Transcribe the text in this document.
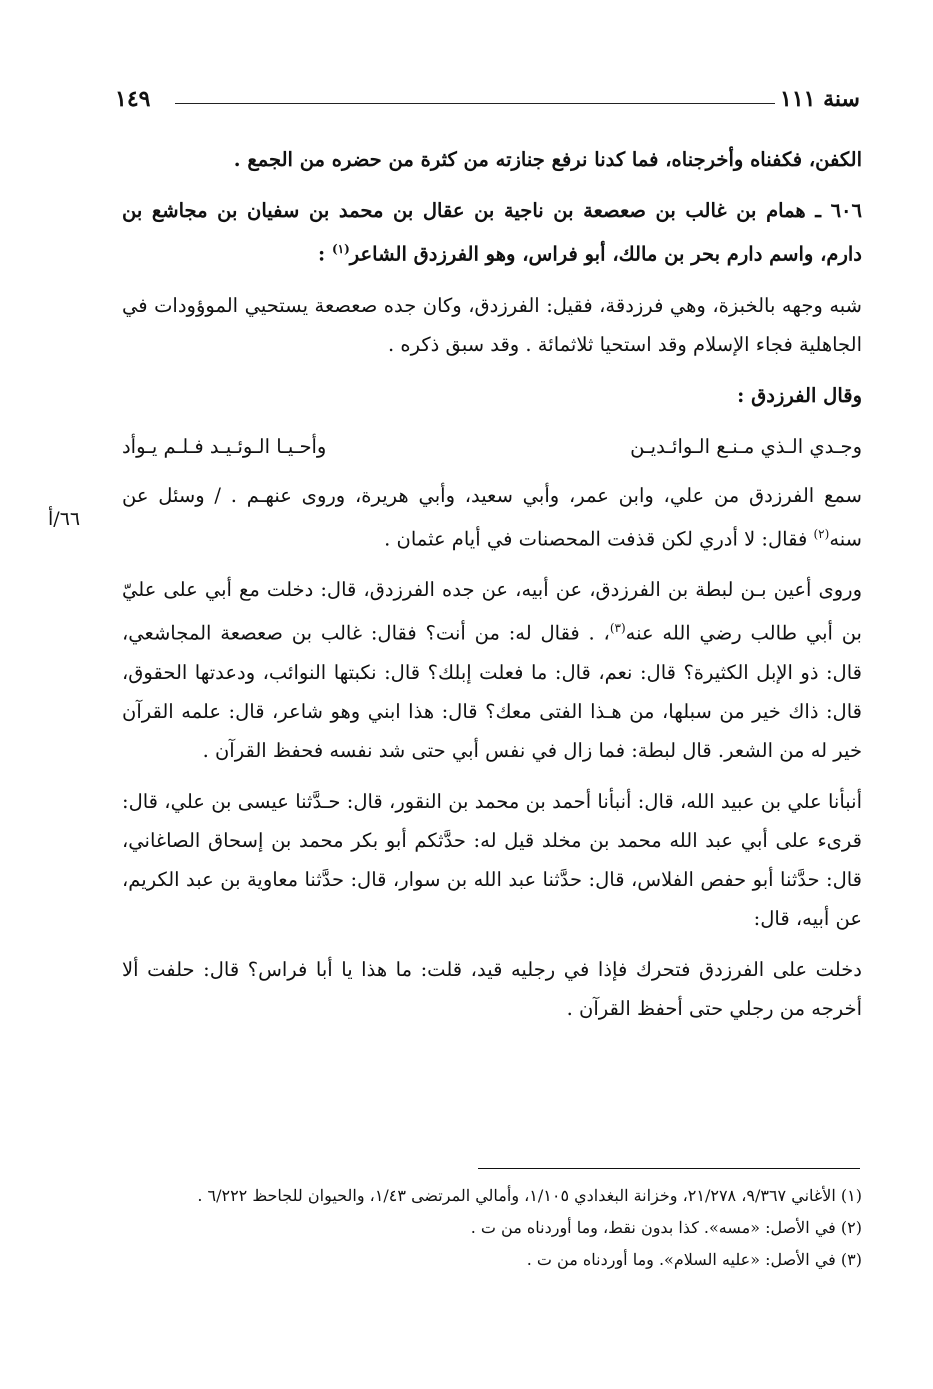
سنة ١١١
١٤٩
٦٦/أ

الكفن، فكفناه وأخرجناه، فما كدنا نرفع جنازته من كثرة من حضره من الجمع .

٦٠٦ ـ همام بن غالب بن صعصعة بن ناجية بن عقال بن محمد بن سفيان بن مجاشع بن دارم، واسم دارم بحر بن مالك، أبو فراس، وهو الفرزدق الشاعر$^{(١)}$ :

شبه وجهه بالخبزة، وهي فرزدقة، فقيل: الفرزدق، وكان جده صعصعة يستحيي الموؤودات في الجاهلية فجاء الإسلام وقد استحيا ثلاثمائة . وقد سبق ذكره .

وقال الفرزدق :

وجـدي الـذي مـنـع الـوائـديـن
وأحـيـا الـوئـيـد فـلـم يـوأد

سمع الفرزدق من علي، وابن عمر، وأبي سعيد، وأبي هريرة، وروى عنهـم . / وسئل عن سنه$^{(٢)}$ فقال: لا أدري لكن قذفت المحصنات في أيام عثمان .

وروى أعين بـن لبطة بن الفرزدق، عن أبيه، عن جده الفرزدق، قال: دخلت مع أبي على عليّ بن أبي طالب رضي الله عنه$^{(٣)}$، . فقال له: من أنت؟ فقال: غالب بن صعصعة المجاشعي، قال: ذو الإبل الكثيرة؟ قال: نعم، قال: ما فعلت إبلك؟ قال: نكبتها النوائب، ودعدتها الحقوق، قال: ذاك خير من سبلها، من هـذا الفتى معك؟ قال: هذا ابني وهو شاعر، قال: علمه القرآن خير له من الشعر. قال لبطة: فما زال في نفس أبي حتى شد نفسه فحفظ القرآن .

أنبأنا علي بن عبيد الله، قال: أنبأنا أحمد بن محمد بن النقور، قال: حـدَّثنا عيسى بن علي، قال: قرىء على أبي عبد الله محمد بن مخلد قيل له: حدَّثكم أبو بكر محمد بن إسحاق الصاغاني، قال: حدَّثنا أبو حفص الفلاس، قال: حدَّثنا عبد الله بن سوار، قال: حدَّثنا معاوية بن عبد الكريم، عن أبيه، قال:

دخلت على الفرزدق فتحرك فإذا في رجليه قيد، قلت: ما هذا يا أبا فراس؟ قال: حلفت ألا أخرجه من رجلي حتى أحفظ القرآن .

(١) الأغاني ٩/٣٦٧، ٢١/٢٧٨، وخزانة البغدادي ١/١٠٥، وأمالي المرتضى ١/٤٣، والحيوان للجاحظ ٦/٢٢٢ .

(٢) في الأصل: «مسه». كذا بدون نقط، وما أوردناه من ت .

(٣) في الأصل: «عليه السلام». وما أوردناه من ت .
